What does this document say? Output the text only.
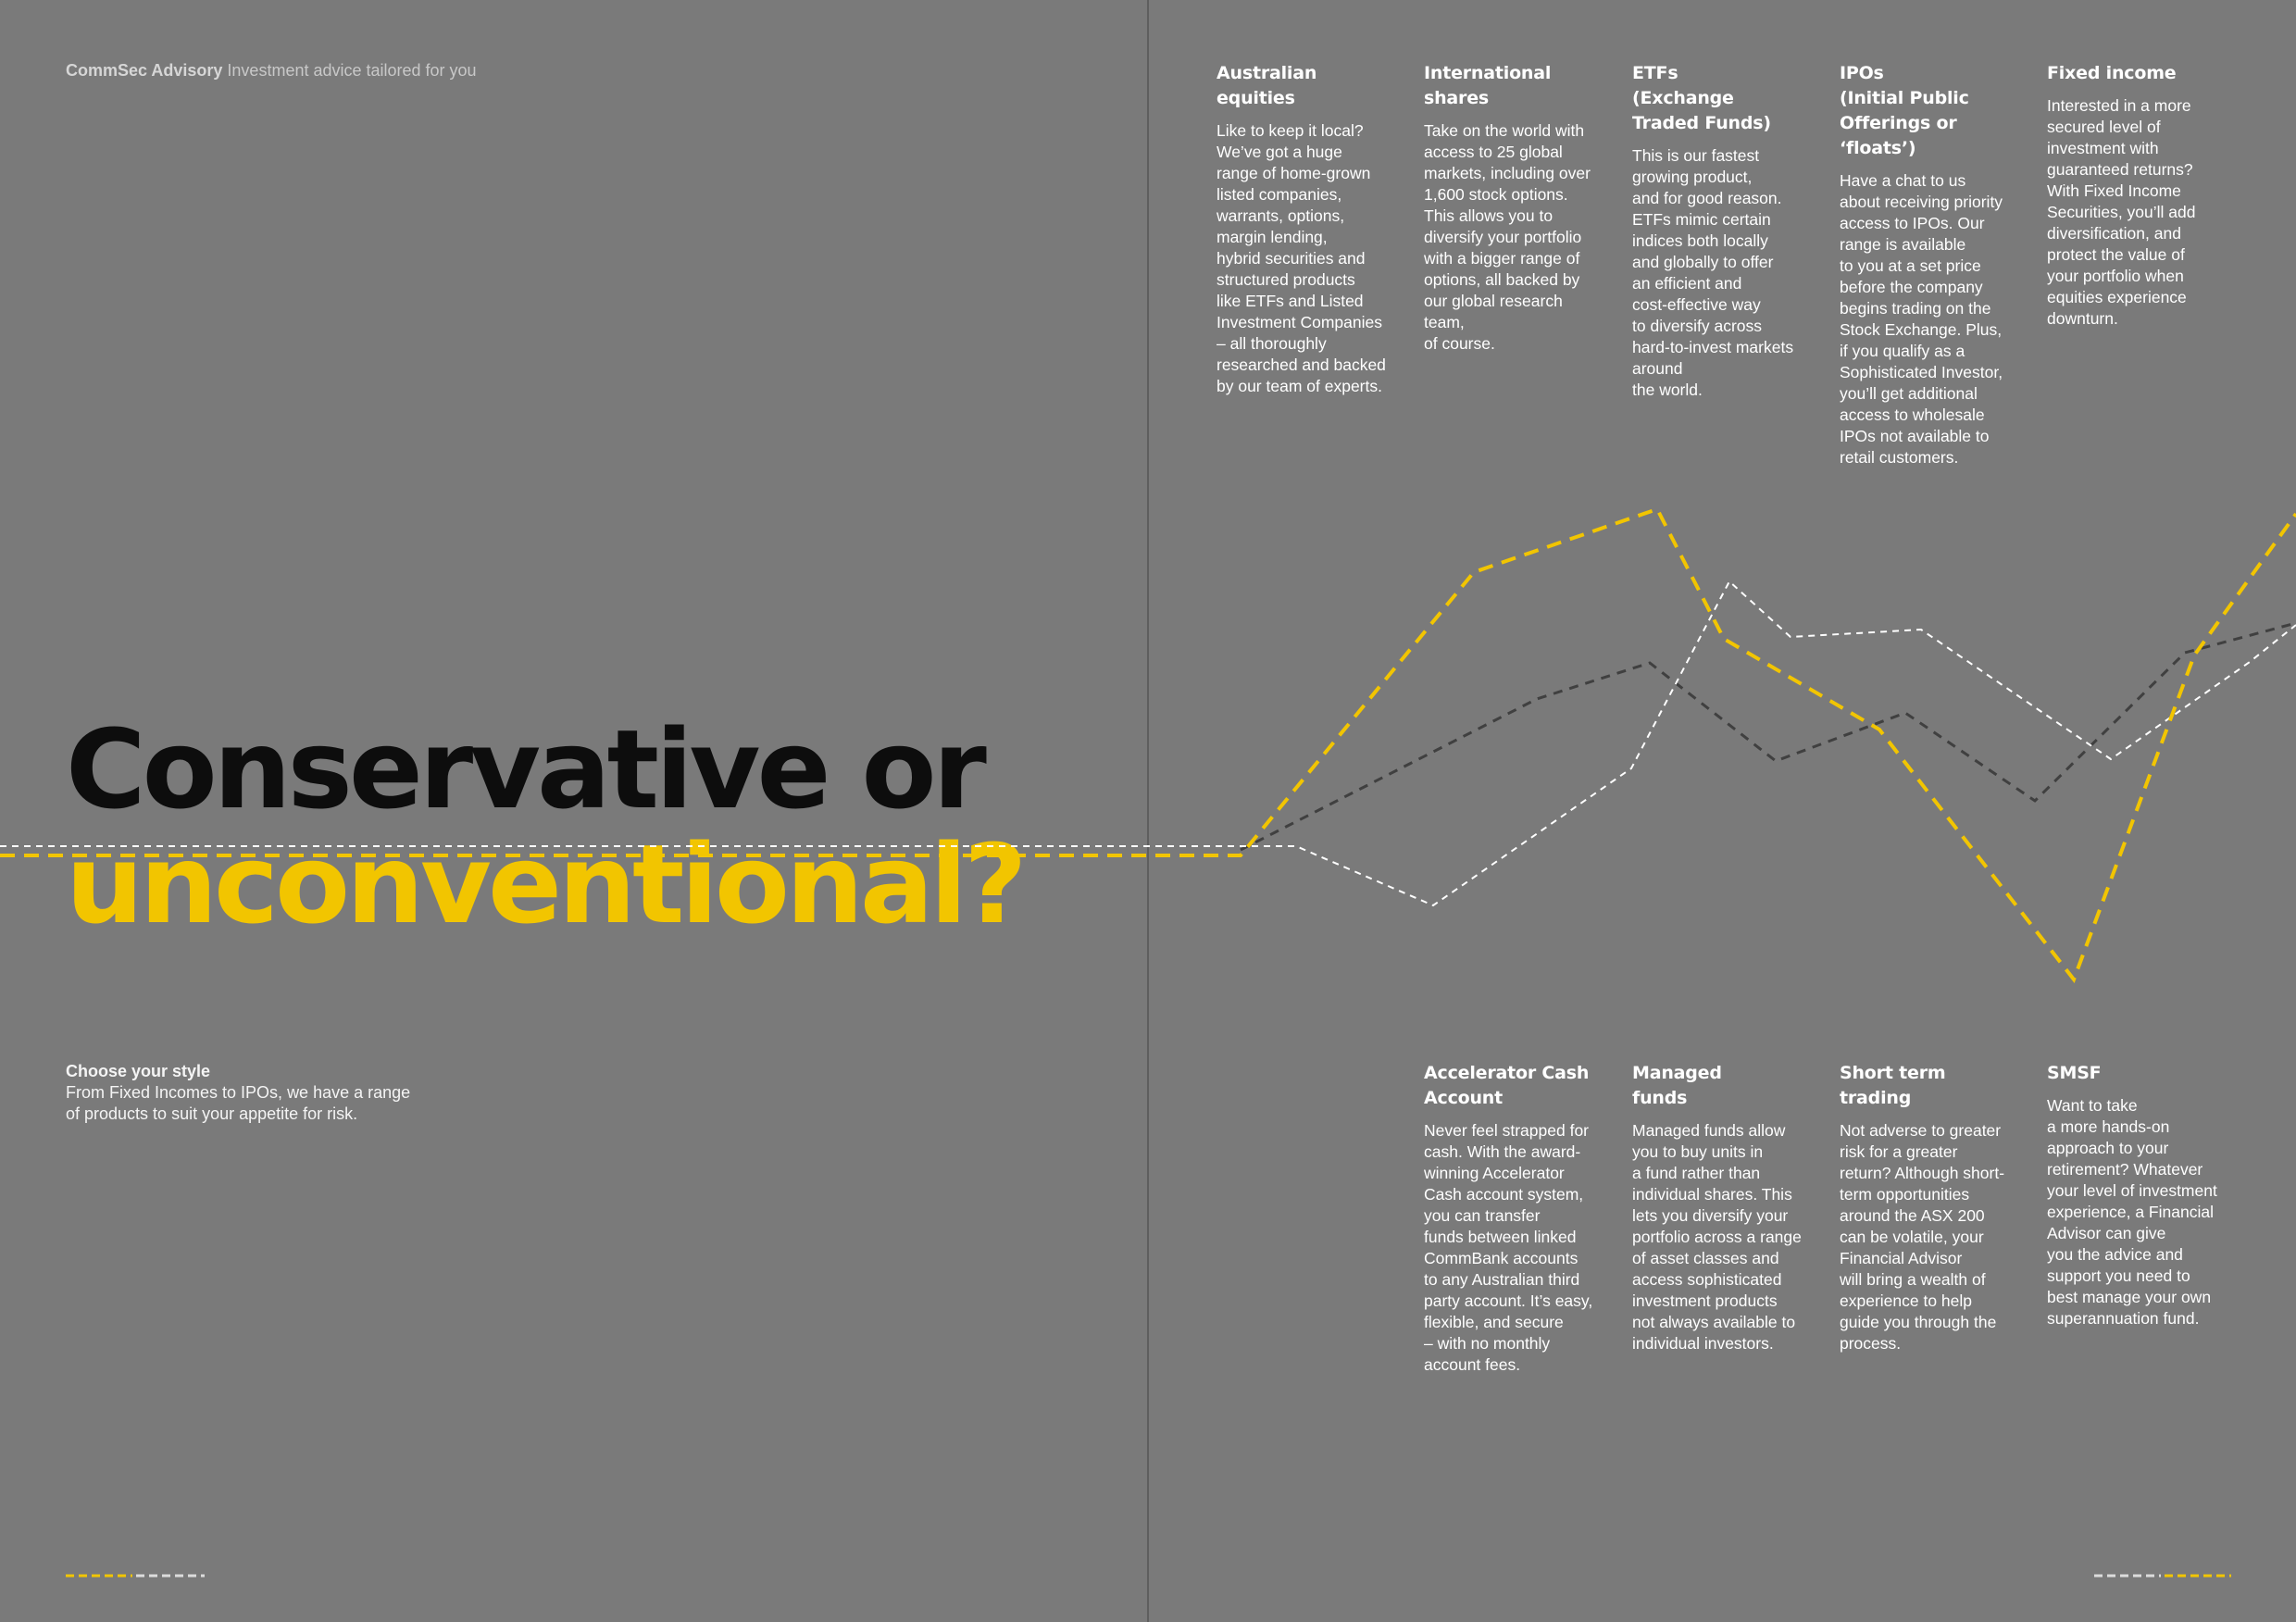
CommSec Advisory Investment advice tailored for you
Conservative or
unconventional?
Choose your style
From Fixed Incomes to IPOs, we have a range
of products to suit your appetite for risk.
Australian
equities

Like to keep it local?
We’ve got a huge
range of home-grown
listed companies,
warrants, options,
margin lending,
hybrid securities and
structured products
like ETFs and Listed
Investment Companies
– all thoroughly
researched and backed
by our team of experts.

International
shares

Take on the world with
access to 25 global
markets, including over
1,600 stock options.
This allows you to
diversify your portfolio
with a bigger range of
options, all backed by
our global research
team,
of course.

ETFs
(Exchange
Traded Funds)

This is our fastest
growing product,
and for good reason.
ETFs mimic certain
indices both locally
and globally to offer
an efficient and
cost-effective way
to diversify across
hard-to-invest markets
around
the world.

IPOs
(Initial Public
Offerings or ‘floats’)

Have a chat to us
about receiving priority
access to IPOs. Our
range is available
to you at a set price
before the company
begins trading on the
Stock Exchange. Plus,
if you qualify as a
Sophisticated Investor,
you’ll get additional
access to wholesale
IPOs not available to
retail customers.

Fixed income

Interested in a more
secured level of
investment with
guaranteed returns?
With Fixed Income
Securities, you’ll add
diversification, and
protect the value of
your portfolio when
equities experience
downturn.

Accelerator Cash
Account

Never feel strapped for
cash. With the award-
winning Accelerator
Cash account system,
you can transfer
funds between linked
CommBank accounts
to any Australian third
party account. It’s easy,
flexible, and secure
– with no monthly
account fees.

Managed
funds

Managed funds allow
you to buy units in
a fund rather than
individual shares. This
lets you diversify your
portfolio across a range
of asset classes and
access sophisticated
investment products
not always available to
individual investors.

Short term
trading

Not adverse to greater
risk for a greater
return? Although short-
term opportunities
around the ASX 200
can be volatile, your
Financial Advisor
will bring a wealth of
experience to help
guide you through the
process.

SMSF

Want to take
a more hands-on
approach to your
retirement? Whatever
your level of investment
experience, a Financial
Advisor can give
you the advice and
support you need to
best manage your own
superannuation fund.
